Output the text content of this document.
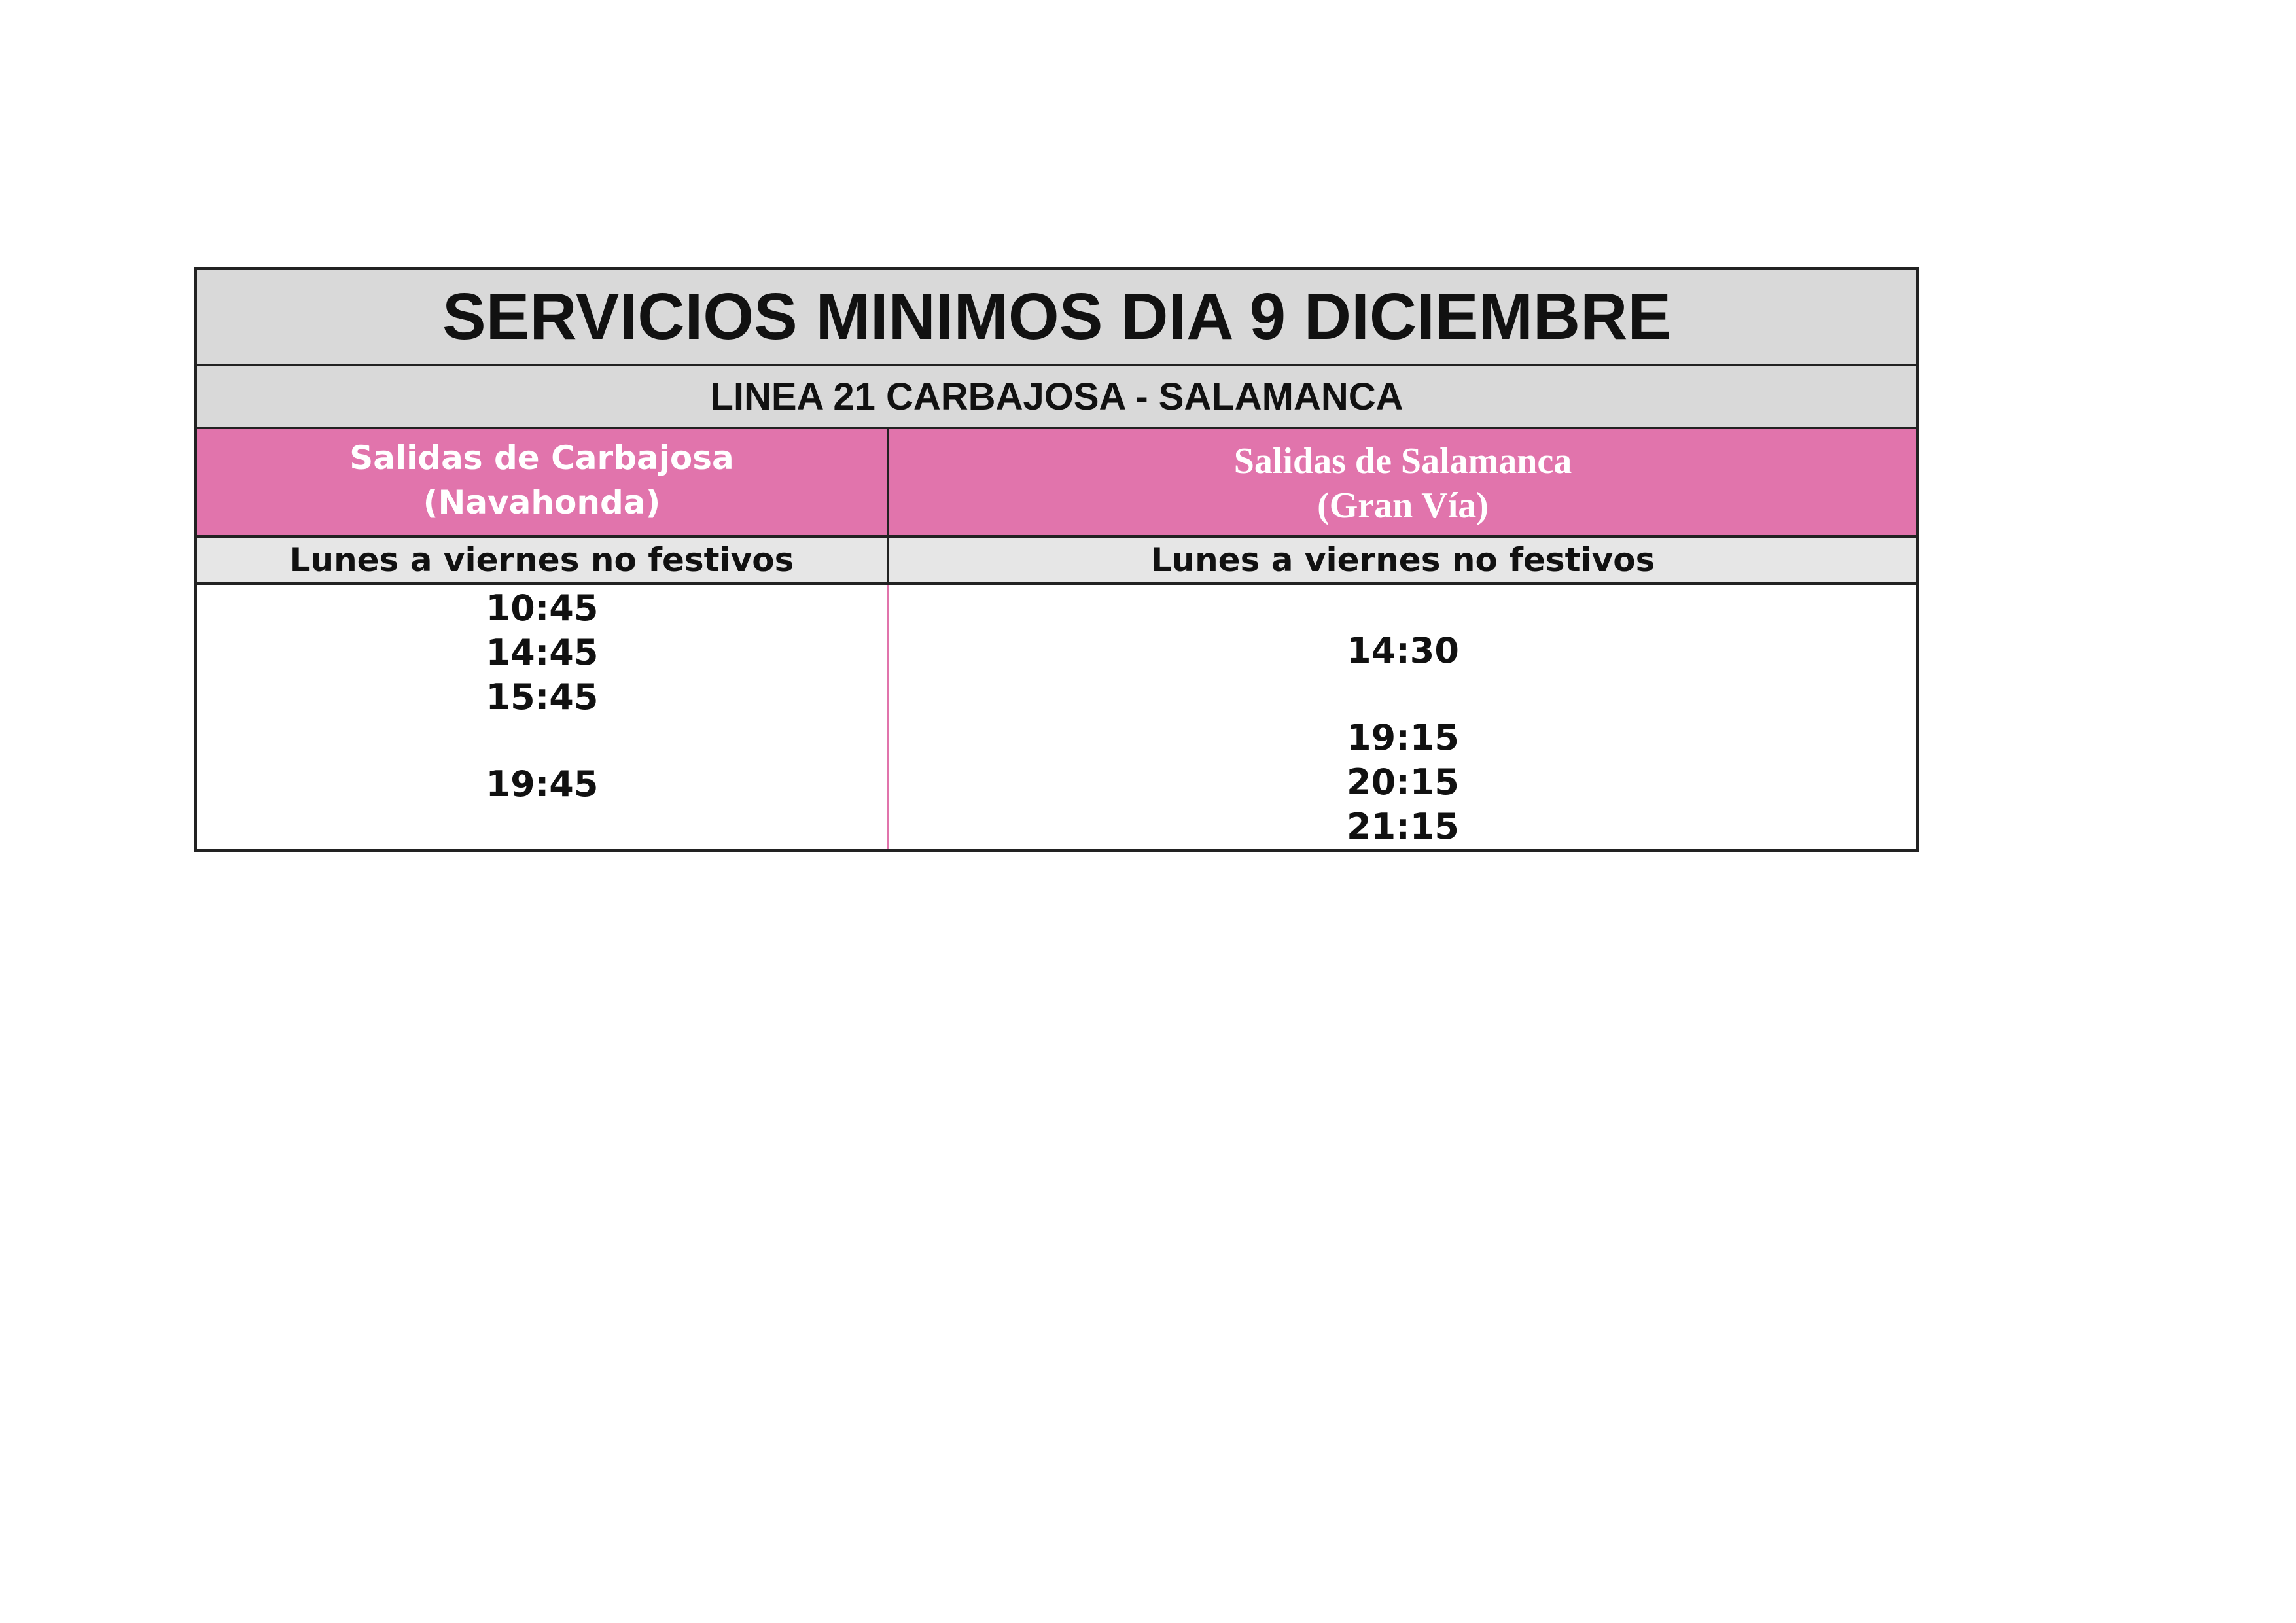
SERVICIOS MINIMOS DIA 9 DICIEMBRE
LINEA 21 CARBAJOSA - SALAMANCA
Salidas de Carbajosa
(Navahonda)
Salidas de Salamanca
(Gran Vía)
Lunes a viernes no festivos	Lunes a viernes no festivos
10:45
14:45
15:45
19:45
14:30
19:15
20:15
21:15
